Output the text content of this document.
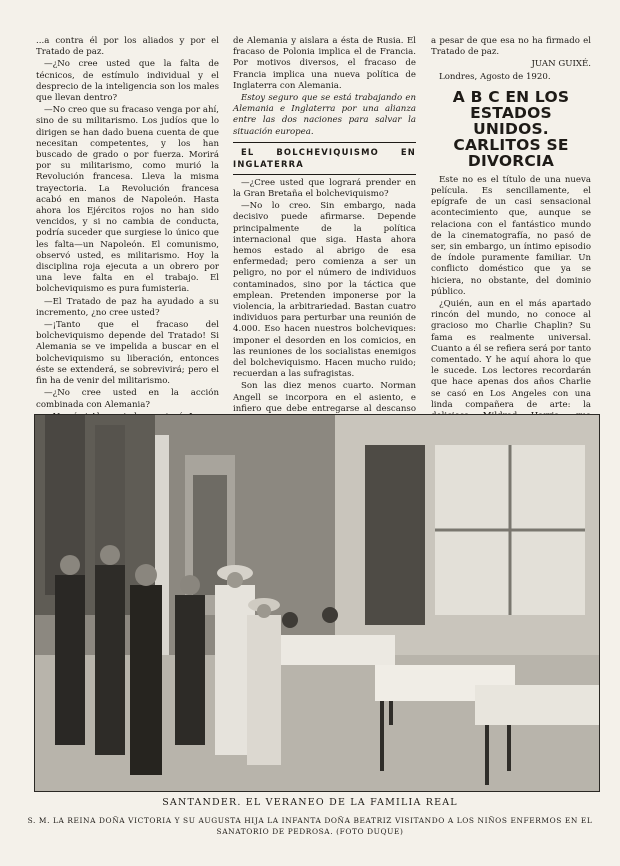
...a contra él por los aliados y por el Tratado de paz.

—¿No cree usted que la falta de técnicos, de estímulo individual y el desprecio de la inteligencia son los males que llevan dentro?

—No creo que su fracaso venga por ahí, sino de su militarismo. Los judíos que lo dirigen se han dado buena cuenta de que necesitan competentes, y los han buscado de grado o por fuerza. Morirá por su militarismo, como murió la Revolución francesa. Lleva la misma trayectoria. La Revolución francesa acabó en manos de Napoleón. Hasta ahora los Ejércitos rojos no han sido vencidos, y si no cambia de conducta, podría suceder que surgiese lo único que les falta—un Napoleón. El comunismo, observó usted, es militarismo. Hoy la disciplina roja ejecuta a un obrero por una leve falta en el trabajo. El bolcheviquismo es pura fumisteria.

—El Tratado de paz ha ayudado a su incremento, ¿no cree usted?

—¡Tanto que el fracaso del bolcheviquismo depende del Tratado! Si Alemania se ve impelida a buscar en el bolcheviquismo su liberación, entonces éste se extenderá, se sobrevivirá; pero el fin ha de venir del militarismo.

—¿No cree usted en la acción combinada con Alemania?

de Alemania y aislara a ésta de Rusia. El fracaso de Polonia implica el de Francia. Por motivos diversos, el fracaso de Francia implica una nueva política de Inglaterra con Alemania.

Estoy seguro que se está trabajando en Alemania e Inglaterra por una alianza entre las dos naciones para salvar la situación europea.

EL BOLCHEVIQUISMO EN INGLATERRA

—¿Cree usted que logrará prender en la Gran Bretaña el bolcheviquismo?

—No lo creo. Sin embargo, nada decisivo puede afirmarse. Depende principalmente de la política internacional que siga. Hasta ahora hemos estado al abrigo de esa enfermedad; pero comienza a ser un peligro, no por el número de individuos contaminados, sino por la táctica que emplean. Pretenden imponerse por la violencia, la arbitrariedad. Bastan cuatro individuos para perturbar una reunión de 4.000. Eso hacen nuestros bolcheviques: imponer el desorden en los comicios, en las reuniones de los socialistas enemigos del bolcheviquismo. Hacen mucho ruido; recuerdan a las sufragistas.

Son las diez menos cuarto. Norman Angell se incorpora en el asiento, e infiero que debe entregarse al descanso

a pesar de que esa no ha firmado el Tratado de paz.

JUAN GUIXÉ.

Londres, Agosto de 1920.

A B C EN LOS ESTADOS UNIDOS. CARLITOS SE DIVORCIA

Este no es el título de una nueva película. Es sencillamente, el epígrafe de un casi sensacional acontecimiento que, aunque se relaciona con el fantástico mundo de la cinematografía, no pasó de ser, sin embargo, un íntimo episodio de índole puramente familiar. Un conflicto doméstico que ya se hiciera, no obstante, del dominio público.

¿Quién, aun en el más apartado rincón del mundo, no conoce al gracioso mo Charlie Chaplin? Su fama es realmente universal. Cuanto a él se refiera será por tanto comentado. Y he aquí ahora lo que le sucede. Los lectores recordarán que hace apenas dos años Charlie se casó en Los Angeles con una linda compañera de arte: la

SANTANDER. EL VERANEO DE LA FAMILIA REAL
S. M. LA REINA DOÑA VICTORIA Y SU AUGUSTA HIJA LA INFANTA DOÑA BEATRIZ VISITANDO A LOS NIÑOS ENFERMOS EN EL SANATORIO DE PEDROSA. (FOTO DUQUE)
